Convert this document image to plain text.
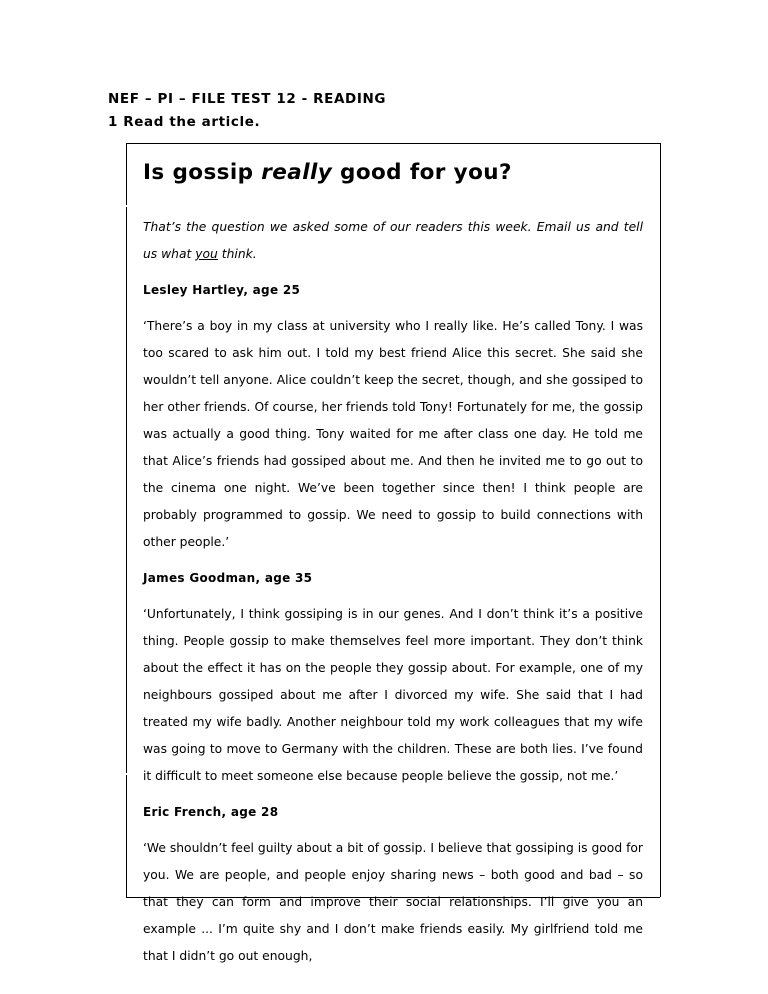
NEF – PI – FILE TEST 12 - READING
1 Read the article.
Is gossip really good for you?

That’s the question we asked some of our readers this week. Email us and tell us what you think.

Lesley Hartley, age 25

‘There’s a boy in my class at university who I really like. He’s called Tony. I was too scared to ask him out. I told my best friend Alice this secret. She said she wouldn’t tell anyone. Alice couldn’t keep the secret, though, and she gossiped to her other friends. Of course, her friends told Tony! Fortunately for me, the gossip was actually a good thing. Tony waited for me after class one day. He told me that Alice’s friends had gossiped about me. And then he invited me to go out to the cinema one night. We’ve been together since then! I think people are probably programmed to gossip. We need to gossip to build connections with other people.’

James Goodman, age 35

‘Unfortunately, I think gossiping is in our genes. And I don’t think it’s a positive thing. People gossip to make themselves feel more important. They don’t think about the effect it has on the people they gossip about. For example, one of my neighbours gossiped about me after I divorced my wife. She said that I had treated my wife badly. Another neighbour told my work colleagues that my wife was going to move to Germany with the children. These are both lies. I’ve found it difficult to meet someone else because people believe the gossip, not me.’

Eric French, age 28

‘We shouldn’t feel guilty about a bit of gossip. I believe that gossiping is good for you. We are people, and people enjoy sharing news – both good and bad – so that they can form and improve their social relationships. I’ll give you an example ... I’m quite shy and I don’t make friends easily. My girlfriend told me that I didn’t go out enough,
